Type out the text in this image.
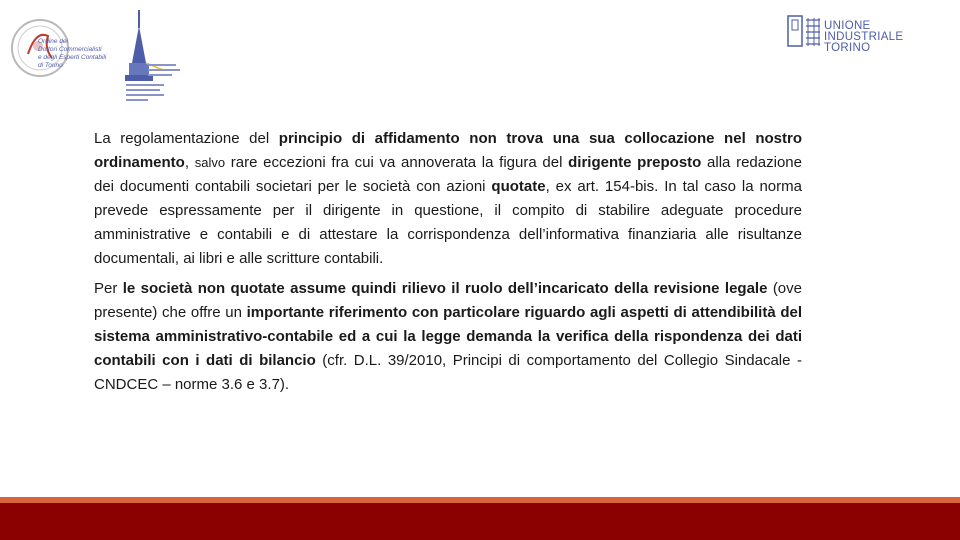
Ordine dei
Dottori Commercialisti
e degli Esperti Contabili
di Torino
UNIONE INDUSTRIALE
TORINO

La regolamentazione del principio di affidamento non trova una sua collocazione nel nostro ordinamento, salvo rare eccezioni fra cui va annoverata la figura del dirigente preposto alla redazione dei documenti contabili societari per le società con azioni quotate, ex art. 154-bis. In tal caso la norma prevede espressamente per il dirigente in questione, il compito di stabilire adeguate procedure amministrative e contabili e di attestare la corrispondenza dell’informativa finanziaria alle risultanze documentali, ai libri e alle scritture contabili.

Per le società non quotate assume quindi rilievo il ruolo dell’incaricato della revisione legale (ove presente) che offre un importante riferimento con particolare riguardo agli aspetti di attendibilità del sistema amministrativo-contabile ed a cui la legge demanda la verifica della rispondenza dei dati contabili con i dati di bilancio (cfr. D.L. 39/2010, Principi di comportamento del Collegio Sindacale - CNDCEC – norme 3.6 e 3.7).
